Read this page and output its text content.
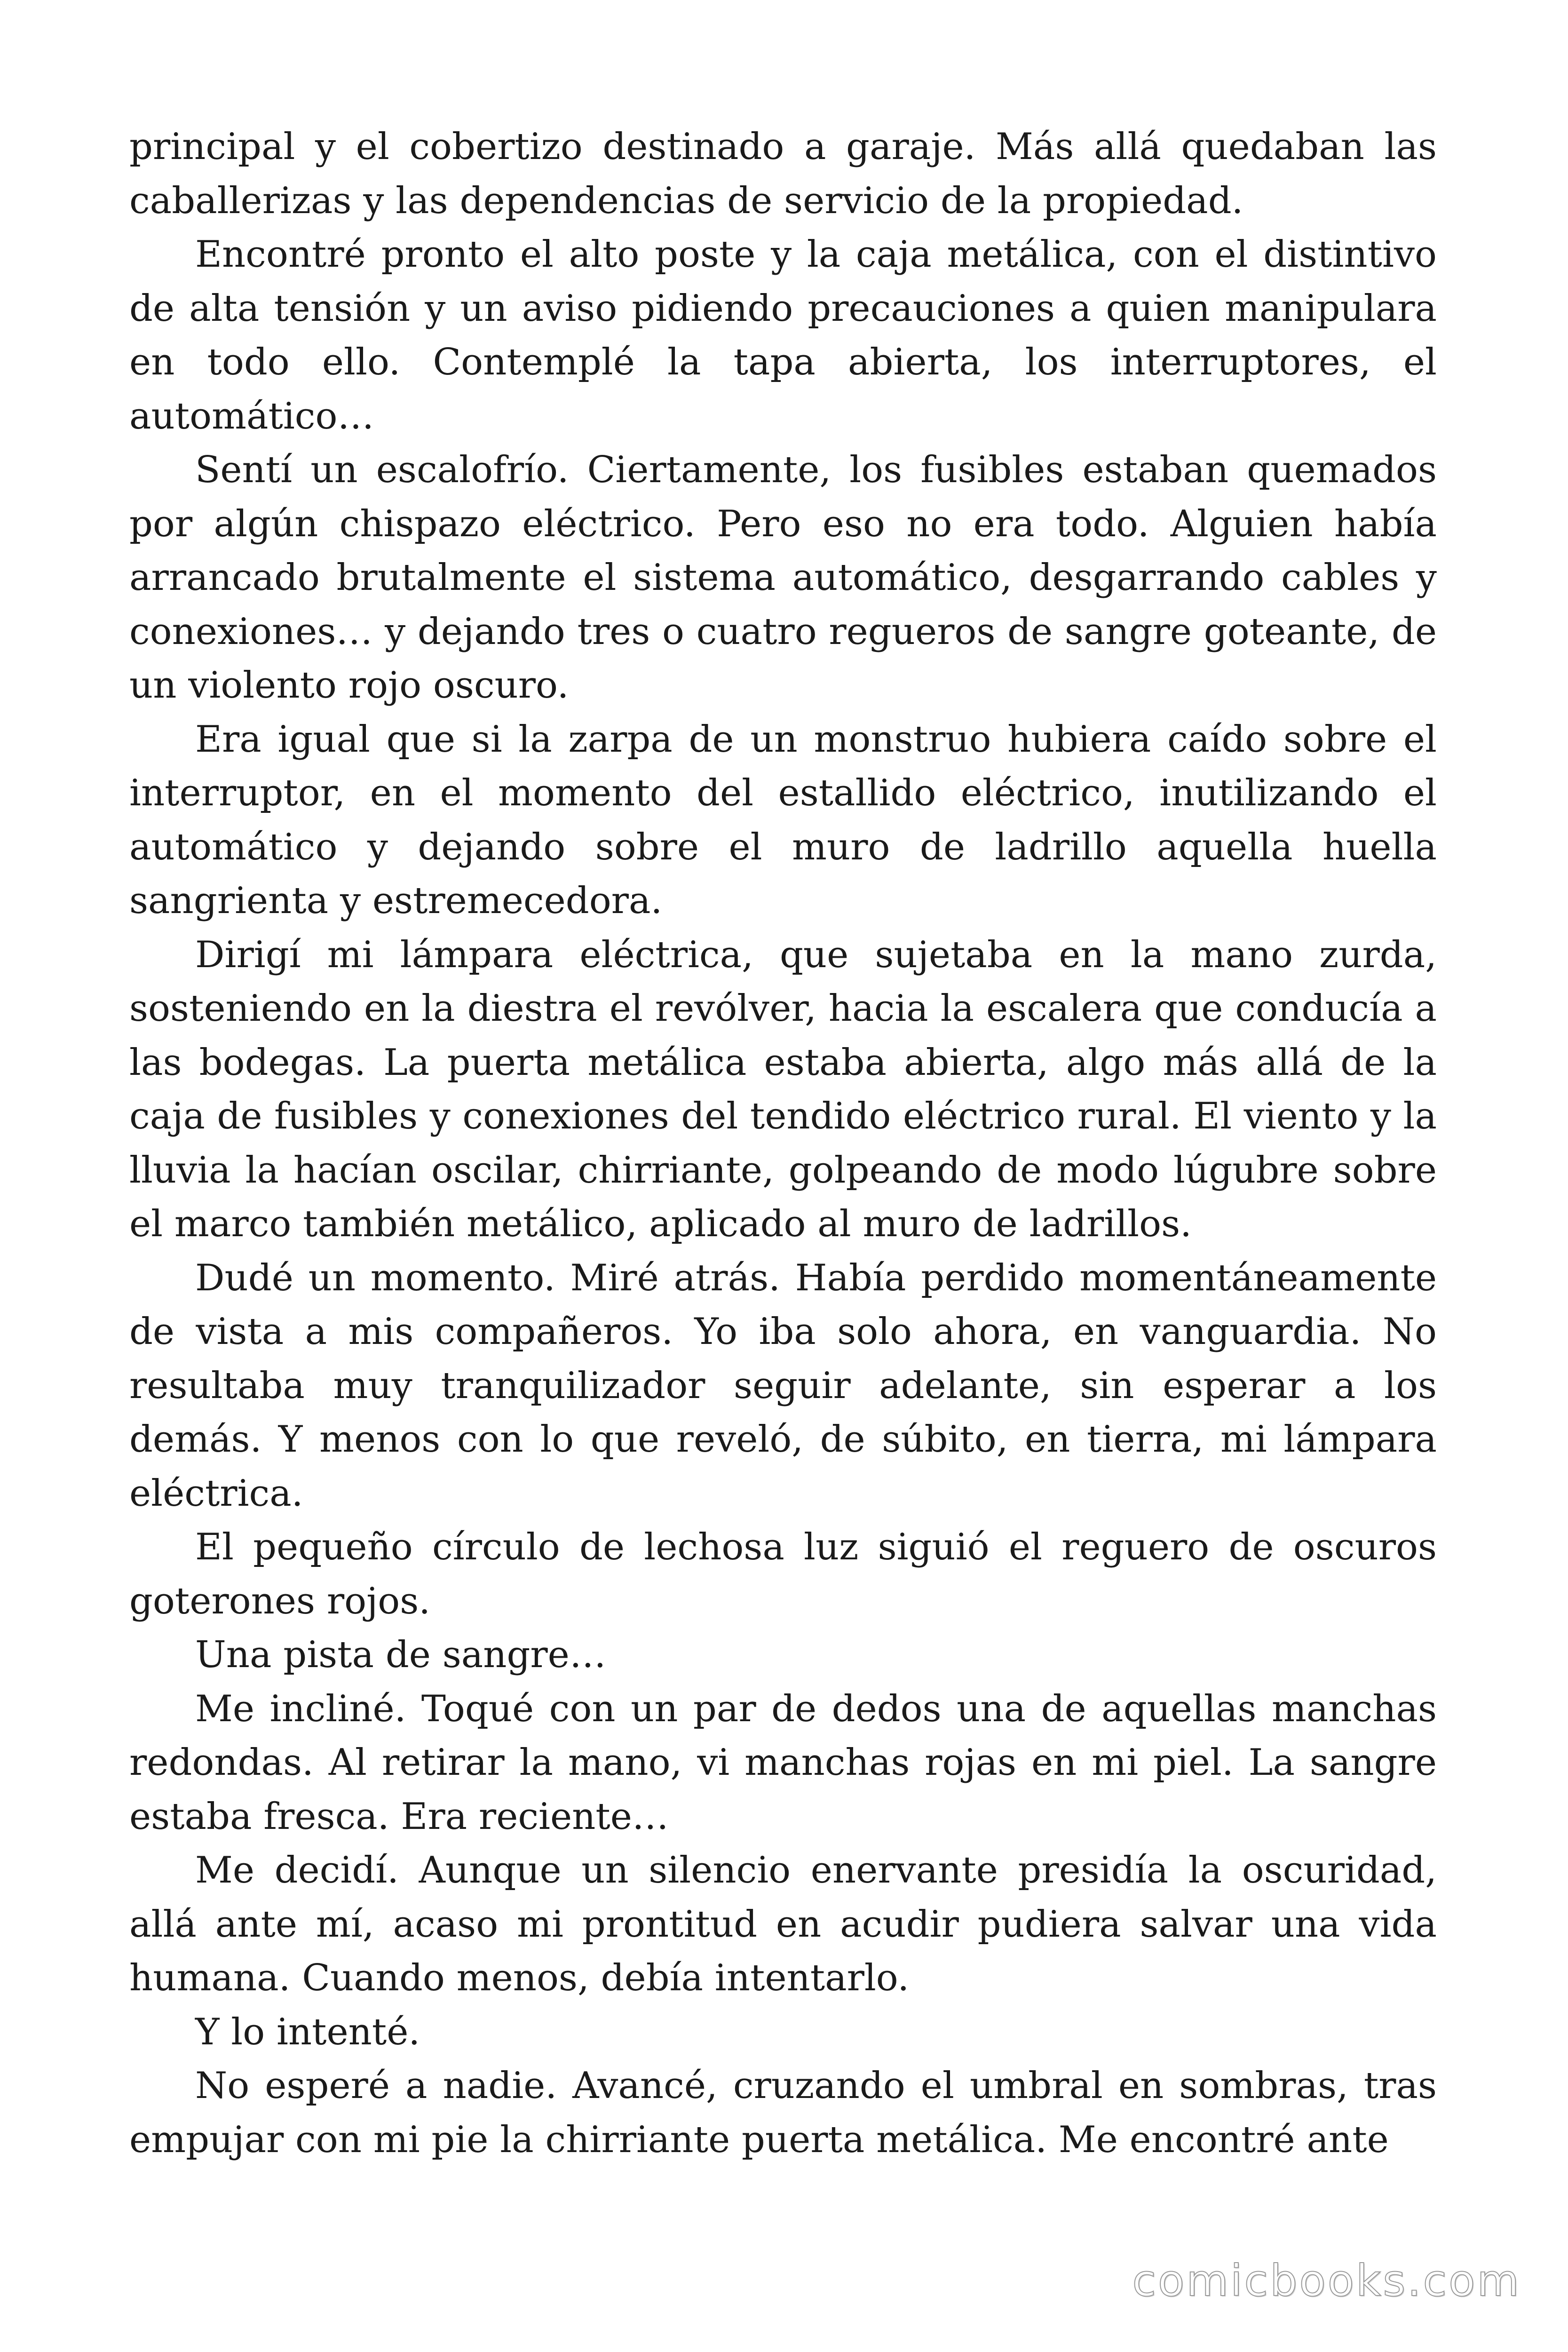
principal y el cobertizo destinado a garaje. Más allá quedaban las caballerizas y las dependencias de servicio de la propiedad.

Encontré pronto el alto poste y la caja metálica, con el distintivo de alta tensión y un aviso pidiendo precauciones a quien manipulara en todo ello. Contemplé la tapa abierta, los interruptores, el automático…

Sentí un escalofrío. Ciertamente, los fusibles estaban quemados por algún chispazo eléctrico. Pero eso no era todo. Alguien había arrancado brutalmente el sistema automático, desgarrando cables y conexiones… y dejando tres o cuatro regueros de sangre goteante, de un violento rojo oscuro.

Era igual que si la zarpa de un monstruo hubiera caído sobre el interruptor, en el momento del estallido eléctrico, inutilizando el automático y dejando sobre el muro de ladrillo aquella huella sangrienta y estremecedora.

Dirigí mi lámpara eléctrica, que sujetaba en la mano zurda, sosteniendo en la diestra el revólver, hacia la escalera que conducía a las bodegas. La puerta metálica estaba abierta, algo más allá de la caja de fusibles y conexiones del tendido eléctrico rural. El viento y la lluvia la hacían oscilar, chirriante, golpeando de modo lúgubre sobre el marco también metálico, aplicado al muro de ladrillos.

Dudé un momento. Miré atrás. Había perdido momentáneamente de vista a mis compañeros. Yo iba solo ahora, en vanguardia. No resultaba muy tranquilizador seguir adelante, sin esperar a los demás. Y menos con lo que reveló, de súbito, en tierra, mi lámpara eléctrica.

El pequeño círculo de lechosa luz siguió el reguero de oscuros goterones rojos.

Una pista de sangre…

Me incliné. Toqué con un par de dedos una de aquellas manchas redondas. Al retirar la mano, vi manchas rojas en mi piel. La sangre estaba fresca. Era reciente…

Me decidí. Aunque un silencio enervante presidía la oscuridad, allá ante mí, acaso mi prontitud en acudir pudiera salvar una vida humana. Cuando menos, debía intentarlo.

Y lo intenté.

No esperé a nadie. Avancé, cruzando el umbral en sombras, tras empujar con mi pie la chirriante puerta metálica. Me encontré ante

comicbooks.com
